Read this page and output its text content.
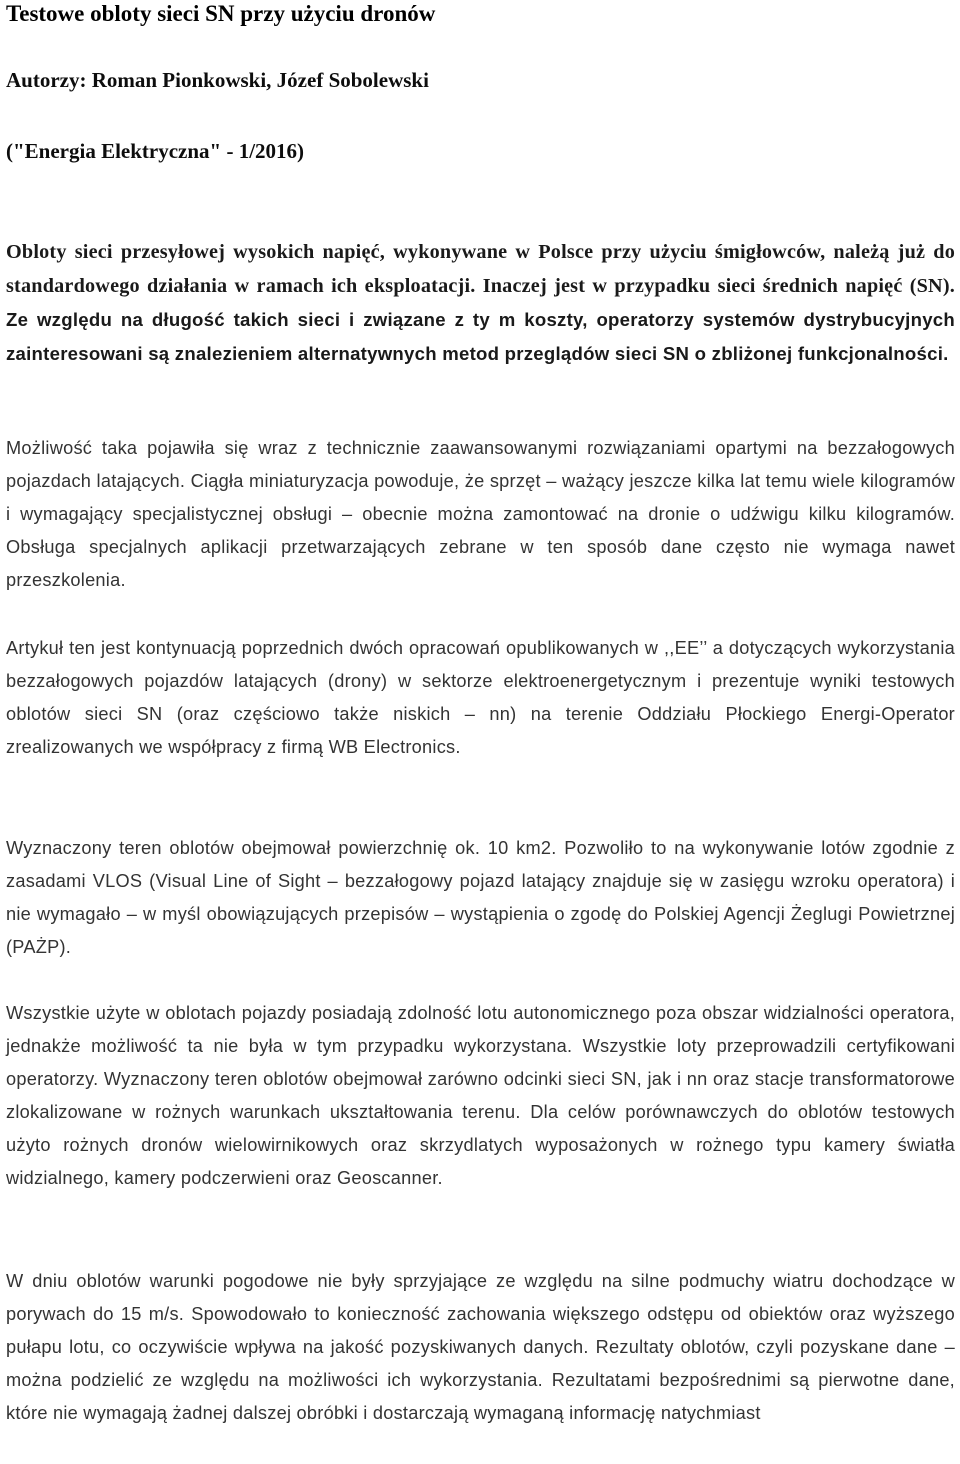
Testowe obloty sieci SN przy użyciu dronów
Autorzy: Roman Pionkowski, Józef Sobolewski
("Energia Elektryczna" - 1/2016)

Obloty sieci przesyłowej wysokich napięć, wykonywane w Polsce przy użyciu śmigłowców, należą już do standardowego działania w ramach ich eksploatacji. Inaczej jest w przypadku sieci średnich napięć (SN). Ze względu na długość takich sieci i związane z ty m koszty, operatorzy systemów dystrybucyjnych zainteresowani są znalezieniem alternatywnych metod przeglądów sieci SN o zbliżonej funkcjonalności.

Możliwość taka pojawiła się wraz z technicznie zaawansowanymi rozwiązaniami opartymi na bezzałogowych pojazdach latających. Ciągła miniaturyzacja powoduje, że sprzęt – ważący jeszcze kilka lat temu wiele kilogramów i wymagający specjalistycznej obsługi – obecnie można zamontować na dronie o udźwigu kilku kilogramów. Obsługa specjalnych aplikacji przetwarzających zebrane w ten sposób dane często nie wymaga nawet przeszkolenia.

Artykuł ten jest kontynuacją poprzednich dwóch opracowań opublikowanych w ,,EE’’ a dotyczących wykorzystania bezzałogowych pojazdów latających (drony) w sektorze elektroenergetycznym i prezentuje wyniki testowych oblotów sieci SN (oraz częściowo także niskich – nn) na terenie Oddziału Płockiego Energi-Operator zrealizowanych we współpracy z firmą WB Electronics.

Wyznaczony teren oblotów obejmował powierzchnię ok. 10 km2. Pozwoliło to na wykonywanie lotów zgodnie z zasadami VLOS (Visual Line of Sight – bezzałogowy pojazd latający znajduje się w zasięgu wzroku operatora) i nie wymagało – w myśl obowiązujących przepisów – wystąpienia o zgodę do Polskiej Agencji Żeglugi Powietrznej (PAŻP).

Wszystkie użyte w oblotach pojazdy posiadają zdolność lotu autonomicznego poza obszar widzialności operatora, jednakże możliwość ta nie była w tym przypadku wykorzystana. Wszystkie loty przeprowadzili certyfikowani operatorzy. Wyznaczony teren oblotów obejmował zarówno odcinki sieci SN, jak i nn oraz stacje transformatorowe zlokalizowane w rożnych warunkach ukształtowania terenu. Dla celów porównawczych do oblotów testowych użyto rożnych dronów wielowirnikowych oraz skrzydlatych wyposażonych w rożnego typu kamery światła widzialnego, kamery podczerwieni oraz Geoscanner.

W dniu oblotów warunki pogodowe nie były sprzyjające ze względu na silne podmuchy wiatru dochodzące w porywach do 15 m/s. Spowodowało to konieczność zachowania większego odstępu od obiektów oraz wyższego pułapu lotu, co oczywiście wpływa na jakość pozyskiwanych danych. Rezultaty oblotów, czyli pozyskane dane – można podzielić ze względu na możliwości ich wykorzystania. Rezultatami bezpośrednimi są pierwotne dane, które nie wymagają żadnej dalszej obróbki i dostarczają wymaganą informację natychmiast
